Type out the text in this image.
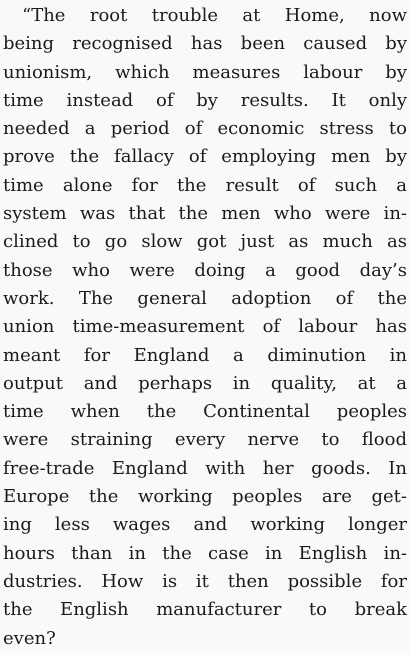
“The root trouble at Home, now
being recognised has been caused by
unionism, which measures labour by
time instead of by results. It only
needed a period of economic stress to
prove the fallacy of employing men by
time alone for the result of such a
system was that the men who were in-
clined to go slow got just as much as
those who were doing a good day’s
work. The general adoption of the
union time-measurement of labour has
meant for England a diminution in
output and perhaps in quality, at a
time when the Continental peoples
were straining every nerve to flood
free-trade England with her goods. In
Europe the working peoples are get-
ing less wages and working longer
hours than in the case in English in-
dustries. How is it then possible for
the English manufacturer to break
even?
